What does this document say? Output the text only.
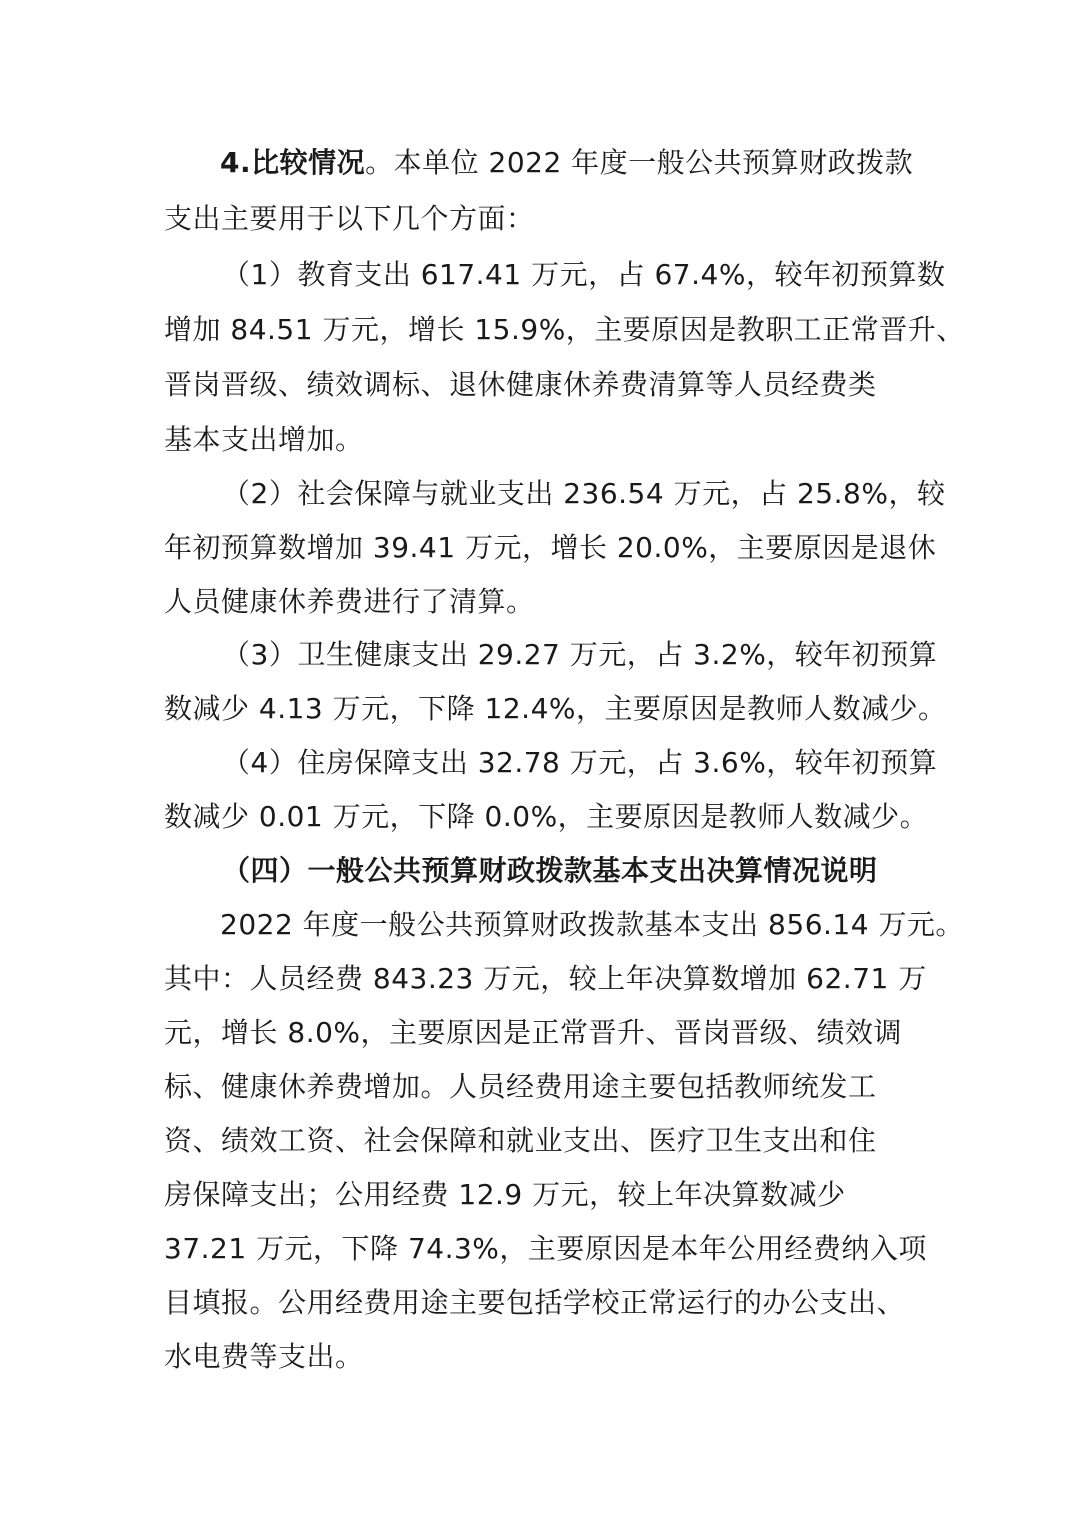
4.比较情况。本单位 2022 年度一般公共预算财政拨款
支出主要用于以下几个方面：
（1）教育支出 617.41 万元，占 67.4%，较年初预算数
增加 84.51 万元，增长 15.9%，主要原因是教职工正常晋升、
晋岗晋级、绩效调标、退休健康休养费清算等人员经费类
基本支出增加。
（2）社会保障与就业支出 236.54 万元，占 25.8%，较
年初预算数增加 39.41 万元，增长 20.0%，主要原因是退休
人员健康休养费进行了清算。
（3）卫生健康支出 29.27 万元，占 3.2%，较年初预算
数减少 4.13 万元，下降 12.4%，主要原因是教师人数减少。
（4）住房保障支出 32.78 万元，占 3.6%，较年初预算
数减少 0.01 万元，下降 0.0%，主要原因是教师人数减少。
（四）一般公共预算财政拨款基本支出决算情况说明
2022 年度一般公共预算财政拨款基本支出 856.14 万元。
其中：人员经费 843.23 万元，较上年决算数增加 62.71 万
元，增长 8.0%，主要原因是正常晋升、晋岗晋级、绩效调
标、健康休养费增加。人员经费用途主要包括教师统发工
资、绩效工资、社会保障和就业支出、医疗卫生支出和住
房保障支出；公用经费 12.9 万元，较上年决算数减少
37.21 万元，下降 74.3%，主要原因是本年公用经费纳入项
目填报。公用经费用途主要包括学校正常运行的办公支出、
水电费等支出。
